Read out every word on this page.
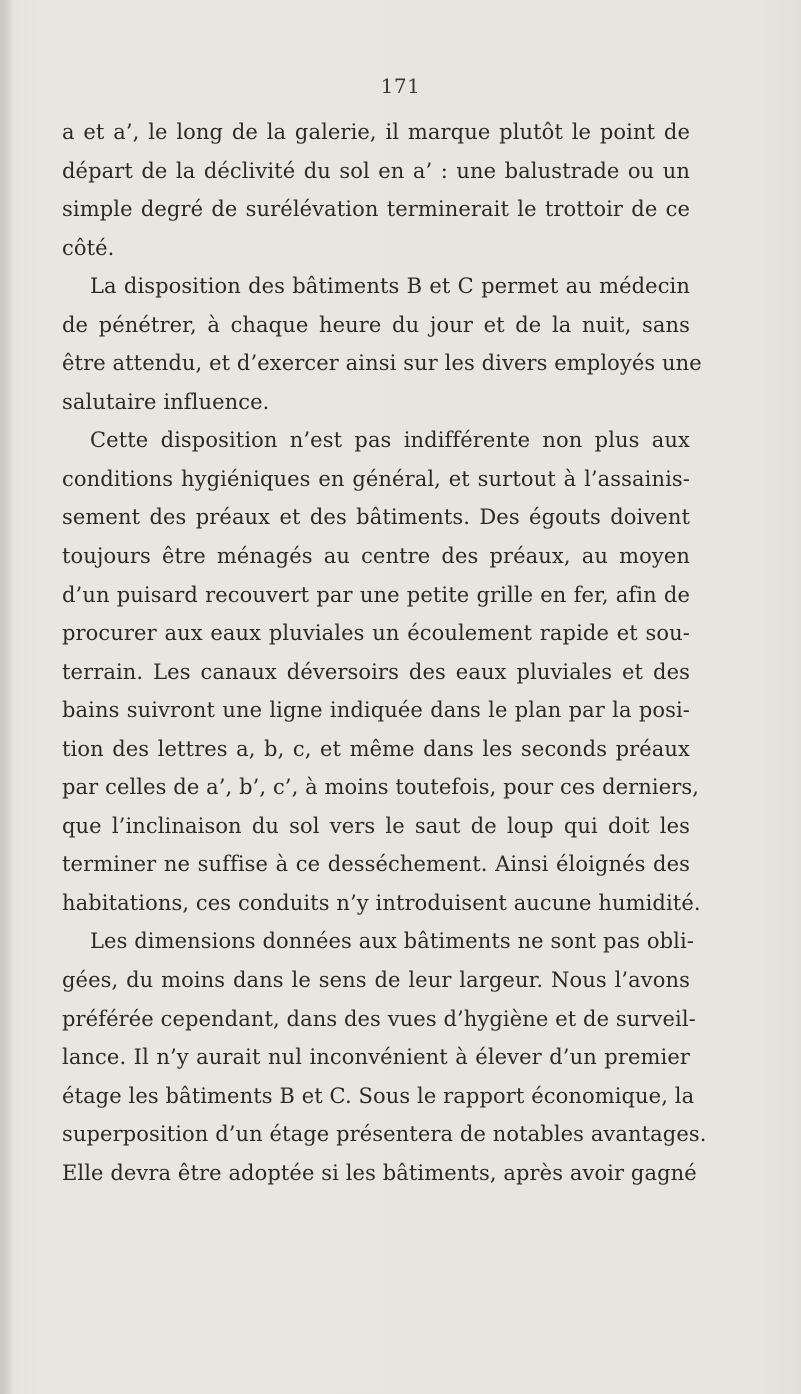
171
a et a’, le long de la galerie, il marque plutôt le point de
départ de la déclivité du sol en a’ : une balustrade ou un
simple degré de surélévation terminerait le trottoir de ce
côté.
La disposition des bâtiments B et C permet au médecin
de pénétrer, à chaque heure du jour et de la nuit, sans
être attendu, et d’exercer ainsi sur les divers employés une
salutaire influence.
Cette disposition n’est pas indifférente non plus aux
conditions hygiéniques en général, et surtout à l’assainis-
sement des préaux et des bâtiments. Des égouts doivent
toujours être ménagés au centre des préaux, au moyen
d’un puisard recouvert par une petite grille en fer, afin de
procurer aux eaux pluviales un écoulement rapide et sou-
terrain. Les canaux déversoirs des eaux pluviales et des
bains suivront une ligne indiquée dans le plan par la posi-
tion des lettres a, b, c, et même dans les seconds préaux
par celles de a’, b’, c’, à moins toutefois, pour ces derniers,
que l’inclinaison du sol vers le saut de loup qui doit les
terminer ne suffise à ce desséchement. Ainsi éloignés des
habitations, ces conduits n’y introduisent aucune humidité.
Les dimensions données aux bâtiments ne sont pas obli-
gées, du moins dans le sens de leur largeur. Nous l’avons
préférée cependant, dans des vues d’hygiène et de surveil-
lance. Il n’y aurait nul inconvénient à élever d’un premier
étage les bâtiments B et C. Sous le rapport économique, la
superposition d’un étage présentera de notables avantages.
Elle devra être adoptée si les bâtiments, après avoir gagné
